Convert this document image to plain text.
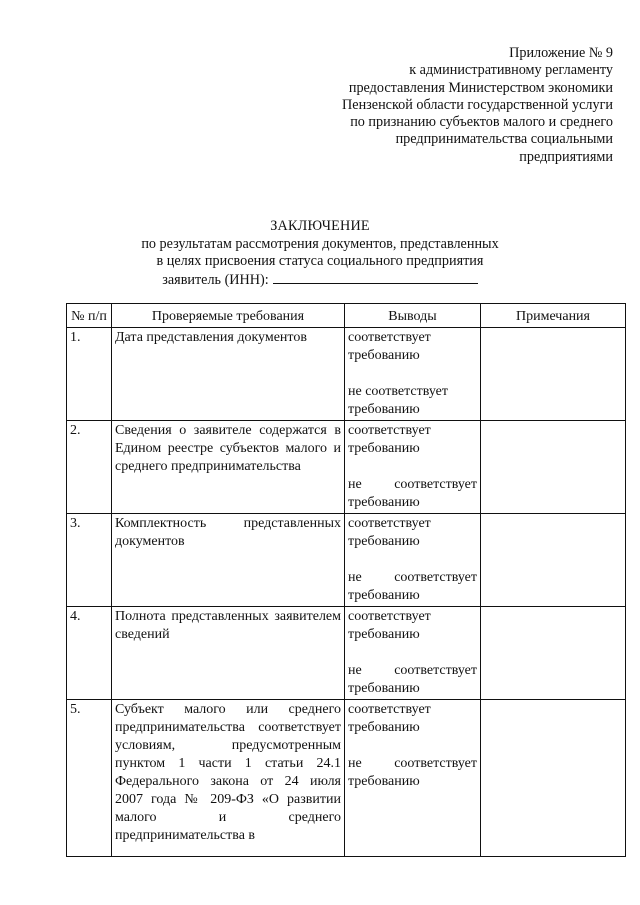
Приложение № 9
к административному регламенту
предоставления Министерством экономики
Пензенской области государственной услуги
по признанию субъектов малого и среднего
предпринимательства социальными
предприятиями
ЗАКЛЮЧЕНИЕ
по результатам рассмотрения документов, представленных
в целях присвоения статуса социального предприятия
заявитель (ИНН):
№ п/п	Проверяемые требования	Выводы	Примечания
1.	Дата представления документов	соответствует требованию

не соответствует требованию	

2.	Сведения о заявителе содержатся в Едином реестре субъектов малого и среднего предпринимательства	соответствует требованию

не соответствует требованию	

3.	Комплектность представленных документов	соответствует требованию

не соответствует требованию	

4.	Полнота представленных заявителем сведений	соответствует требованию

не соответствует требованию	

5.	Субъект малого или среднего предпринимательства соответствует условиям, предусмотренным пунктом 1 части 1 статьи 24.1 Федерального закона от 24 июля 2007 года № 209-ФЗ «О развитии малого и среднего предпринимательства в	соответствует требованию

не соответствует требованию	
